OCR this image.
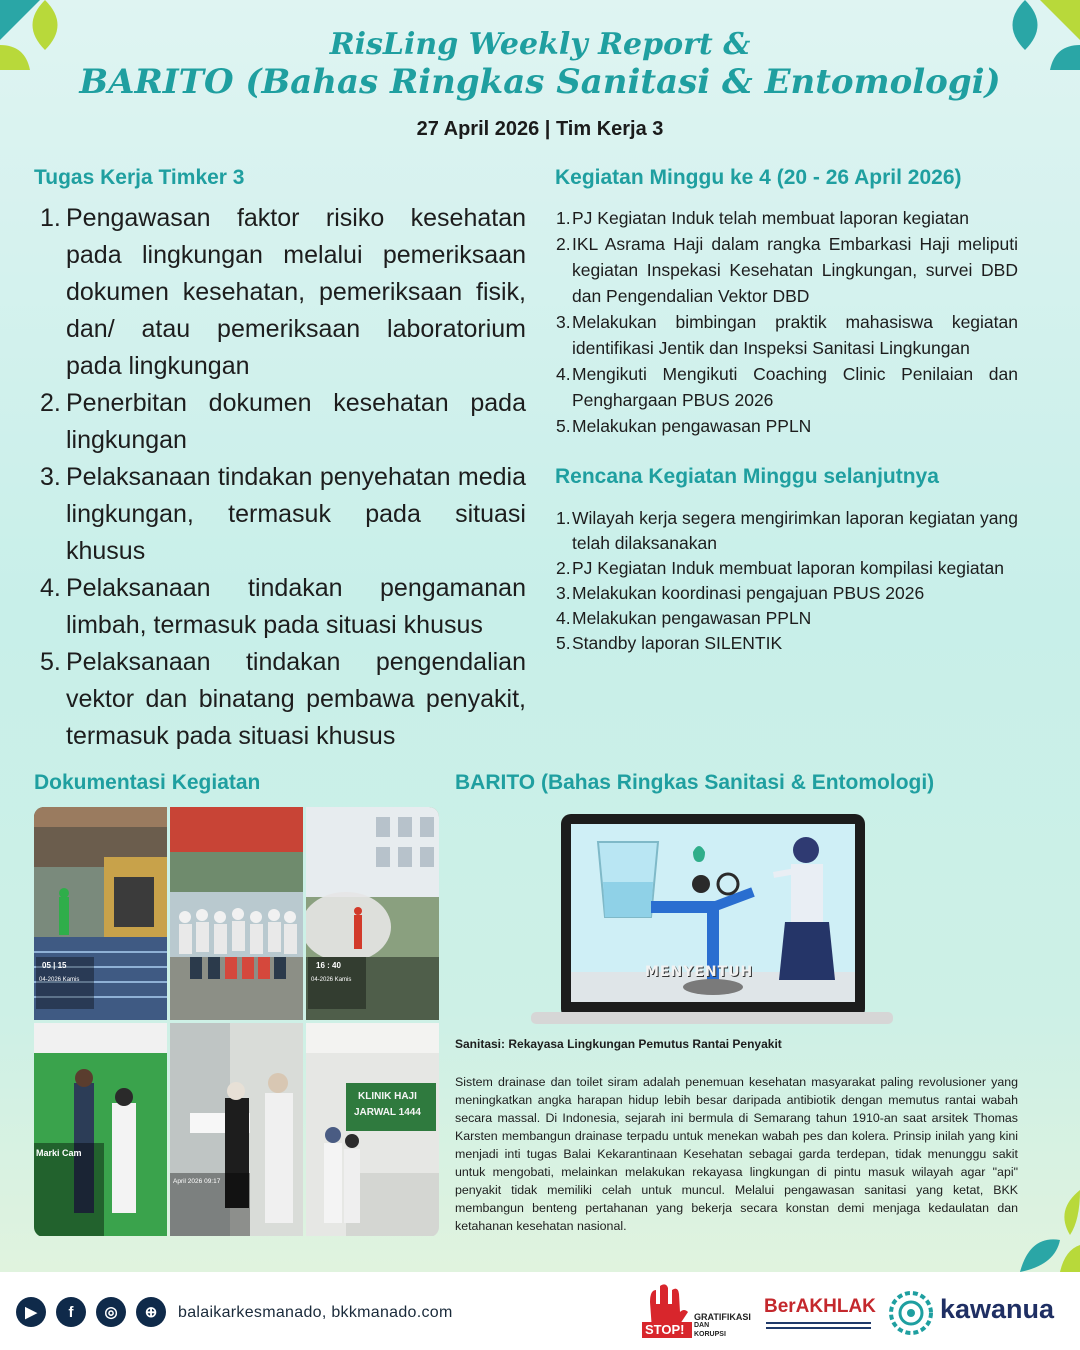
RisLing Weekly Report &
BARITO (Bahas Ringkas Sanitasi & Entomologi)
27 April 2026 | Tim Kerja 3
Tugas Kerja Timker 3
1. Pengawasan faktor risiko kesehatan pada lingkungan melalui pemeriksaan dokumen kesehatan, pemeriksaan fisik, dan/ atau pemeriksaan laboratorium pada lingkungan
2. Penerbitan dokumen kesehatan pada lingkungan
3. Pelaksanaan tindakan penyehatan media lingkungan, termasuk pada situasi khusus
4. Pelaksanaan tindakan pengamanan limbah, termasuk pada situasi khusus
5. Pelaksanaan tindakan pengendalian vektor dan binatang pembawa penyakit, termasuk pada situasi khusus
Kegiatan Minggu ke 4 (20 - 26 April 2026)
1. PJ Kegiatan Induk telah membuat laporan kegiatan
2. IKL Asrama Haji dalam rangka Embarkasi Haji meliputi kegiatan Inspekasi Kesehatan Lingkungan, survei DBD dan Pengendalian Vektor DBD
3. Melakukan bimbingan praktik mahasiswa kegiatan identifikasi Jentik dan Inspeksi Sanitasi Lingkungan
4. Mengikuti Mengikuti Coaching Clinic Penilaian dan Penghargaan PBUS 2026
5. Melakukan pengawasan PPLN
Rencana Kegiatan Minggu selanjutnya
1. Wilayah kerja segera mengirimkan laporan kegiatan yang telah dilaksanakan
2. PJ Kegiatan Induk membuat laporan kompilasi kegiatan
3. Melakukan koordinasi pengajuan PBUS 2026
4. Melakukan pengawasan PPLN
5. Standby laporan SILENTIK
Dokumentasi Kegiatan
05 | 15
04-2026 Kamis
16 : 40
04-2026 Kamis
Marki Cam
April 2026 09:17
KLINIK HAJI
JARWAL 1444
BARITO (Bahas Ringkas Sanitasi & Entomologi)
MENYENTUH
Sanitasi: Rekayasa Lingkungan Pemutus Rantai Penyakit
Sistem drainase dan toilet siram adalah penemuan kesehatan masyarakat paling revolusioner yang meningkatkan angka harapan hidup lebih besar daripada antibiotik dengan memutus rantai wabah secara massal. Di Indonesia, sejarah ini bermula di Semarang tahun 1910-an saat arsitek Thomas Karsten membangun drainase terpadu untuk menekan wabah pes dan kolera. Prinsip inilah yang kini menjadi inti tugas Balai Kekarantinaan Kesehatan sebagai garda terdepan, tidak menunggu sakit untuk mengobati, melainkan melakukan rekayasa lingkungan di pintu masuk wilayah agar "api" penyakit tidak memiliki celah untuk muncul. Melalui pengawasan sanitasi yang ketat, BKK membangun benteng pertahanan yang bekerja secara konstan demi menjaga kedaulatan dan ketahanan kesehatan nasional.
▶	f	◎	⊕	balaikarkesmanado, bkkmanado.com
STOP!
GRATIFIKASI
DAN
KORUPSI
BerAKHLAK kawanua
